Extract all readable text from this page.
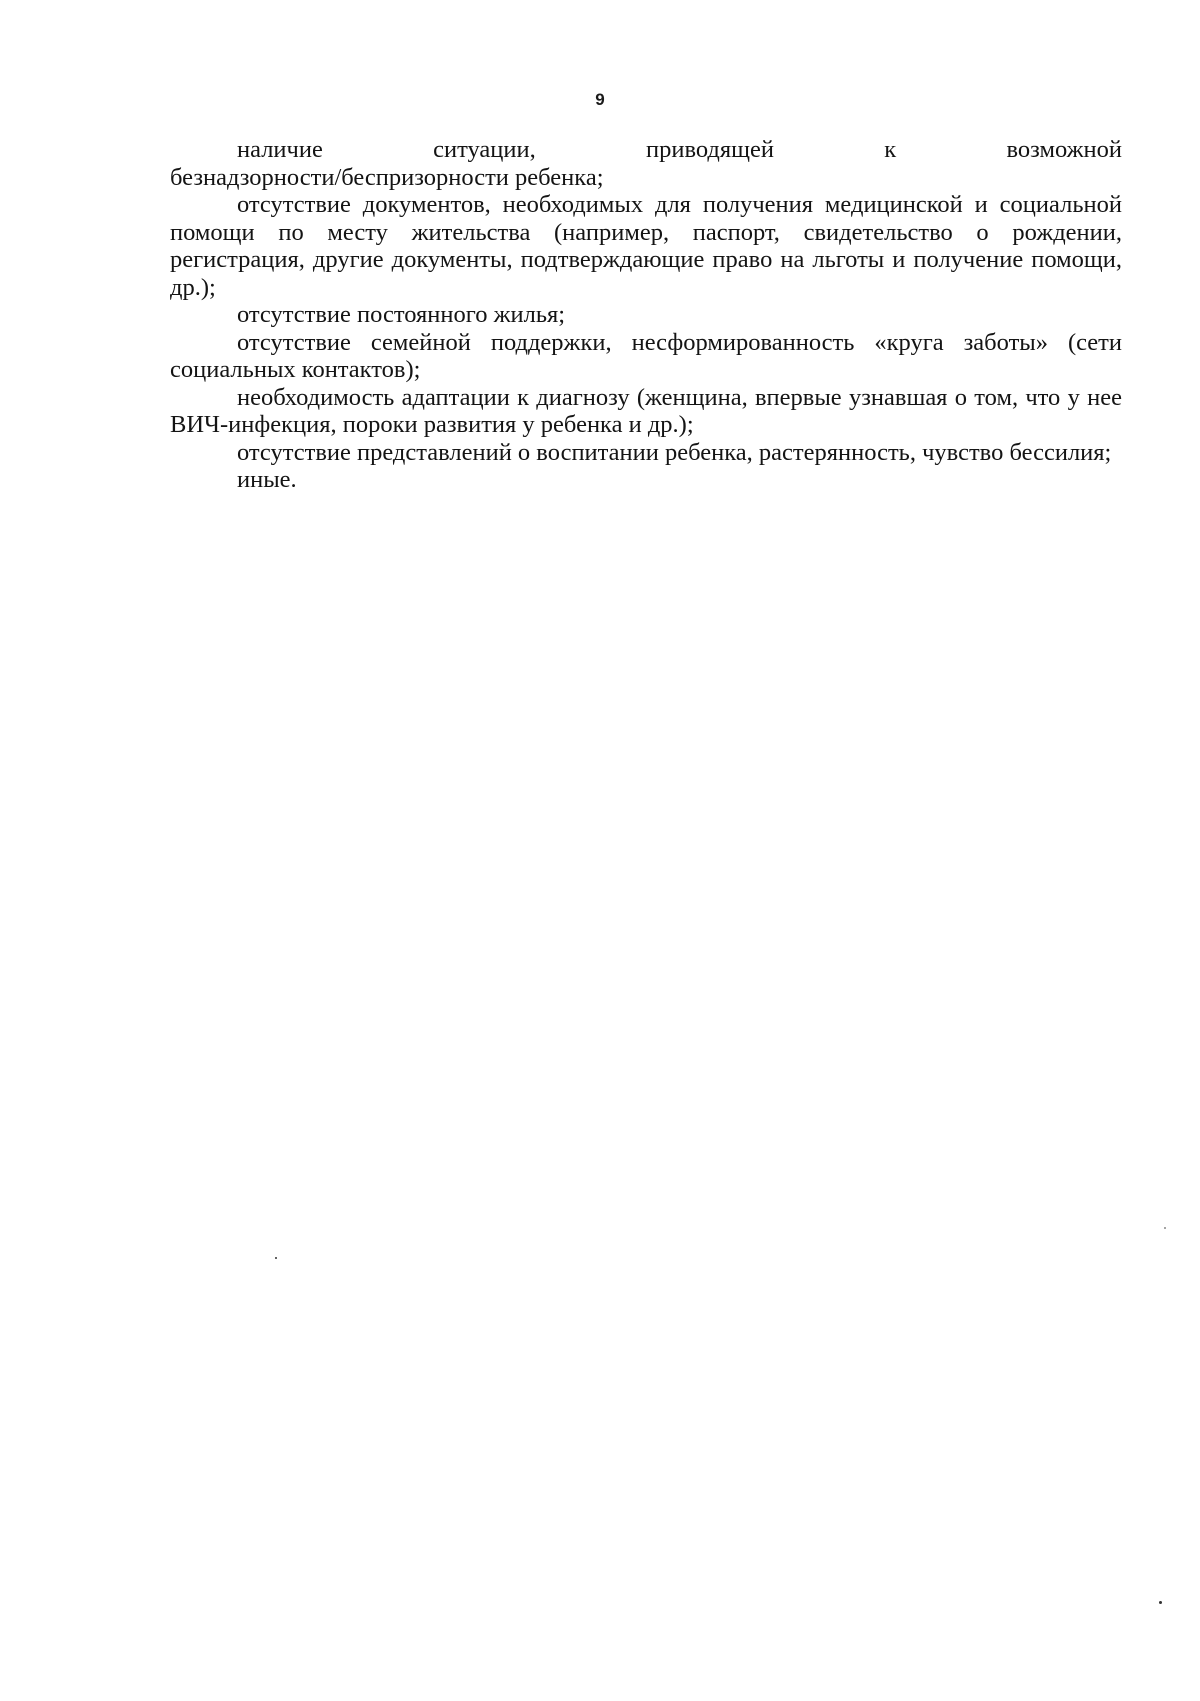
9

наличие ситуации, приводящей к возможной

безнадзорности/беспризорности ребенка;

отсутствие документов, необходимых для получения медицинской и социальной помощи по месту жительства (например, паспорт, свидетельство о рождении, регистрация, другие документы, подтверждающие право на льготы и получение помощи, др.);

отсутствие постоянного жилья;

отсутствие семейной поддержки, несформированность «круга заботы» (сети социальных контактов);

необходимость адаптации к диагнозу (женщина, впервые узнавшая о том, что у нее ВИЧ-инфекция, пороки развития у ребенка и др.);

отсутствие представлений о воспитании ребенка, растерянность, чувство бессилия;

иные.
